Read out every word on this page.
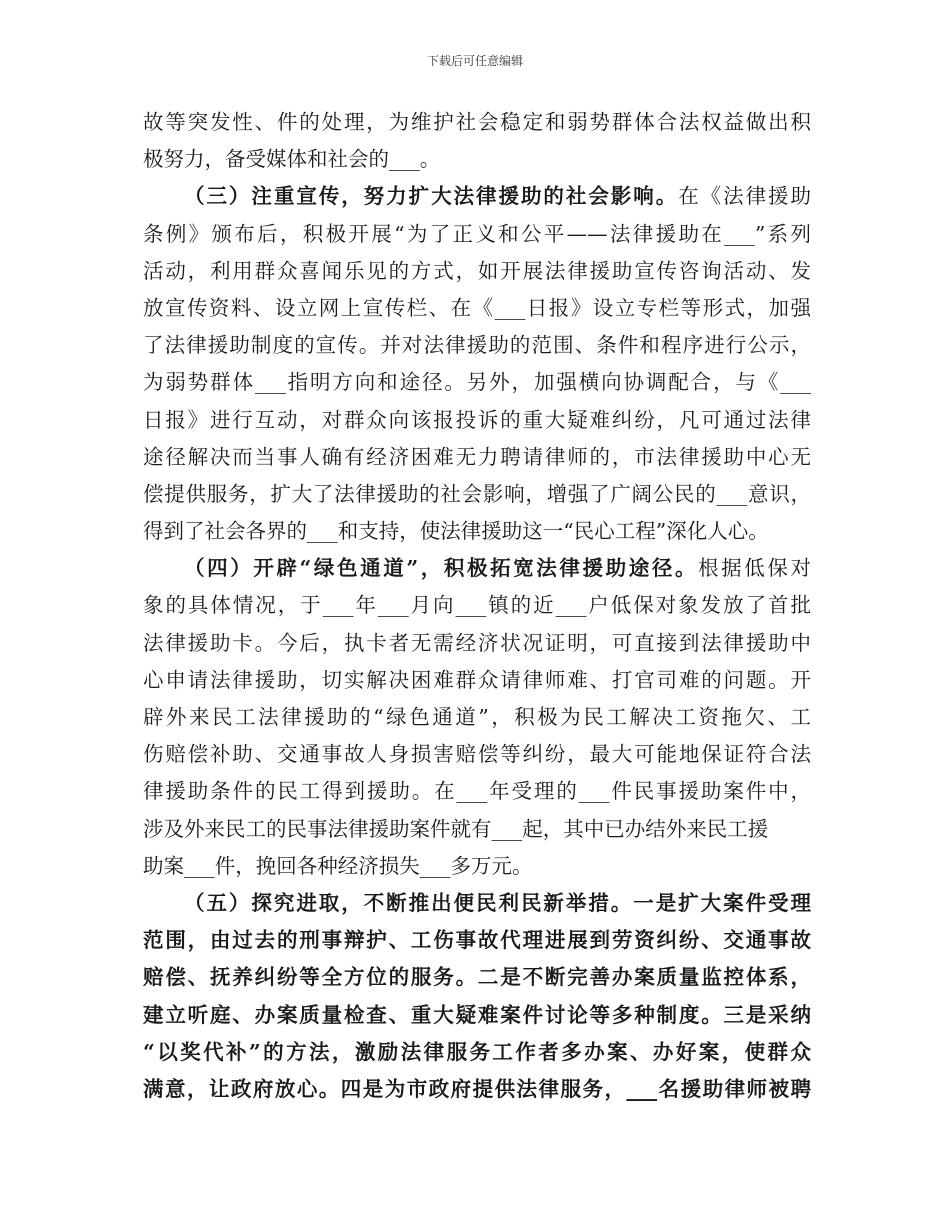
下载后可任意编辑
故等突发性、件的处理，为维护社会稳定和弱势群体合法权益做出积
极努力，备受媒体和社会的___。
（三）注重宣传，努力扩大法律援助的社会影响。在《法律援助
条例》颁布后，积极开展“为了正义和公平——法律援助在___”系列
活动，利用群众喜闻乐见的方式，如开展法律援助宣传咨询活动、发
放宣传资料、设立网上宣传栏、在《___日报》设立专栏等形式，加强
了法律援助制度的宣传。并对法律援助的范围、条件和程序进行公示，
为弱势群体___指明方向和途径。另外，加强横向协调配合，与《___
日报》进行互动，对群众向该报投诉的重大疑难纠纷，凡可通过法律
途径解决而当事人确有经济困难无力聘请律师的，市法律援助中心无
偿提供服务，扩大了法律援助的社会影响，增强了广阔公民的___意识，
得到了社会各界的___和支持，使法律援助这一“民心工程”深化人心。
（四）开辟“绿色通道”，积极拓宽法律援助途径。根据低保对
象的具体情况，于___年___月向___镇的近___户低保对象发放了首批
法律援助卡。今后，执卡者无需经济状况证明，可直接到法律援助中
心申请法律援助，切实解决困难群众请律师难、打官司难的问题。开
辟外来民工法律援助的“绿色通道”，积极为民工解决工资拖欠、工
伤赔偿补助、交通事故人身损害赔偿等纠纷，最大可能地保证符合法
律援助条件的民工得到援助。在___年受理的___件民事援助案件中，
涉及外来民工的民事法律援助案件就有___起，其中已办结外来民工援
助案___件，挽回各种经济损失___多万元。
（五）探究进取，不断推出便民利民新举措。一是扩大案件受理
范围，由过去的刑事辩护、工伤事故代理进展到劳资纠纷、交通事故
赔偿、抚养纠纷等全方位的服务。二是不断完善办案质量监控体系，
建立听庭、办案质量检查、重大疑难案件讨论等多种制度。三是采纳
“以奖代补”的方法，激励法律服务工作者多办案、办好案，使群众
满意，让政府放心。四是为市政府提供法律服务，___名援助律师被聘
